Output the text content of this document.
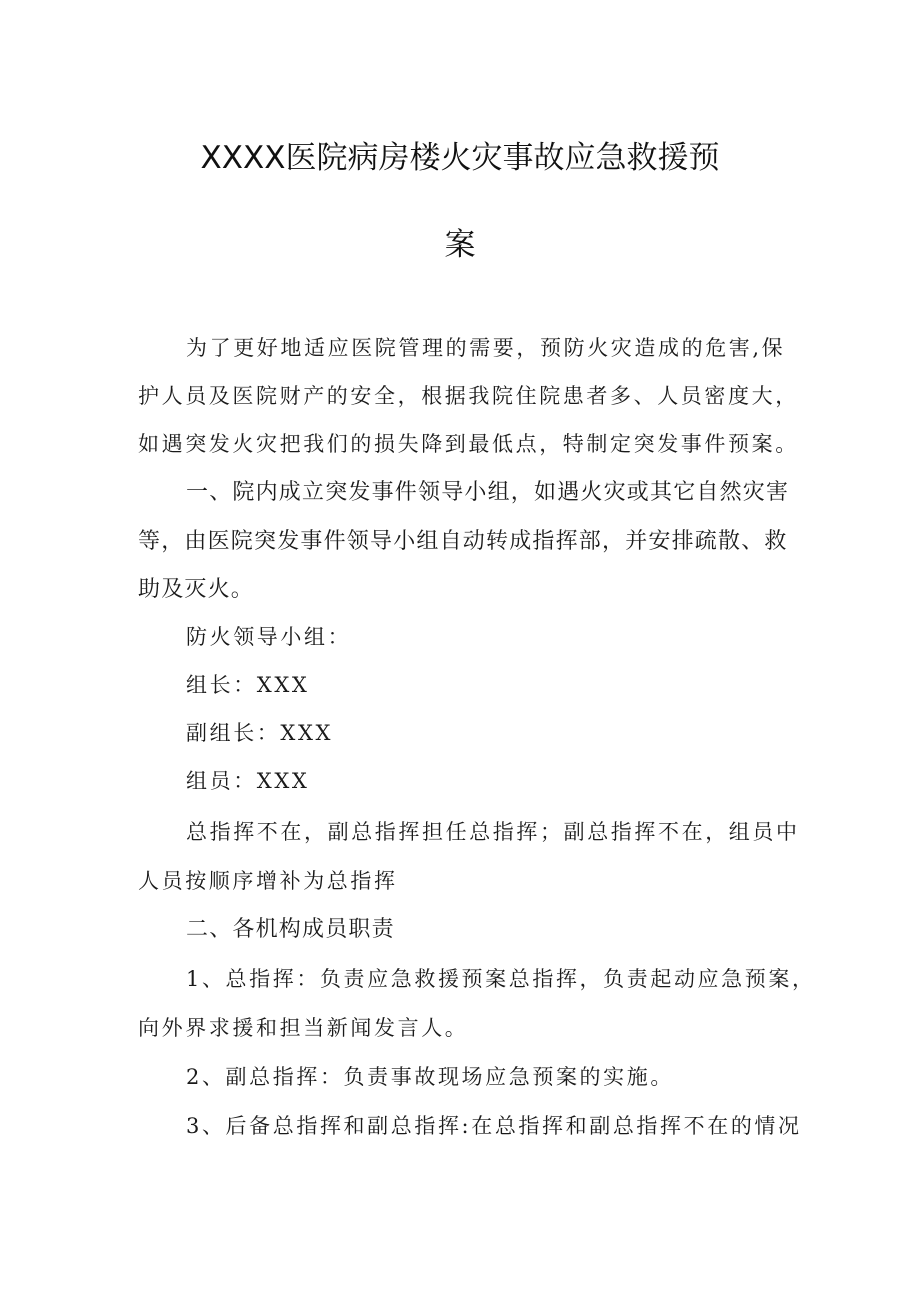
XXXX医院病房楼火灾事故应急救援预
案
为了更好地适应医院管理的需要，预防火灾造成的危害,保
护人员及医院财产的安全，根据我院住院患者多、人员密度大，
如遇突发火灾把我们的损失降到最低点，特制定突发事件预案。
一、院内成立突发事件领导小组，如遇火灾或其它自然灾害
等，由医院突发事件领导小组自动转成指挥部，并安排疏散、救
助及灭火。
防火领导小组：
组长：XXX
副组长：XXX
组员：XXX
总指挥不在，副总指挥担任总指挥；副总指挥不在，组员中
人员按顺序增补为总指挥
二、各机构成员职责
1、总指挥：负责应急救援预案总指挥，负责起动应急预案，
向外界求援和担当新闻发言人。
2、副总指挥：负责事故现场应急预案的实施。
3、后备总指挥和副总指挥:在总指挥和副总指挥不在的情况
